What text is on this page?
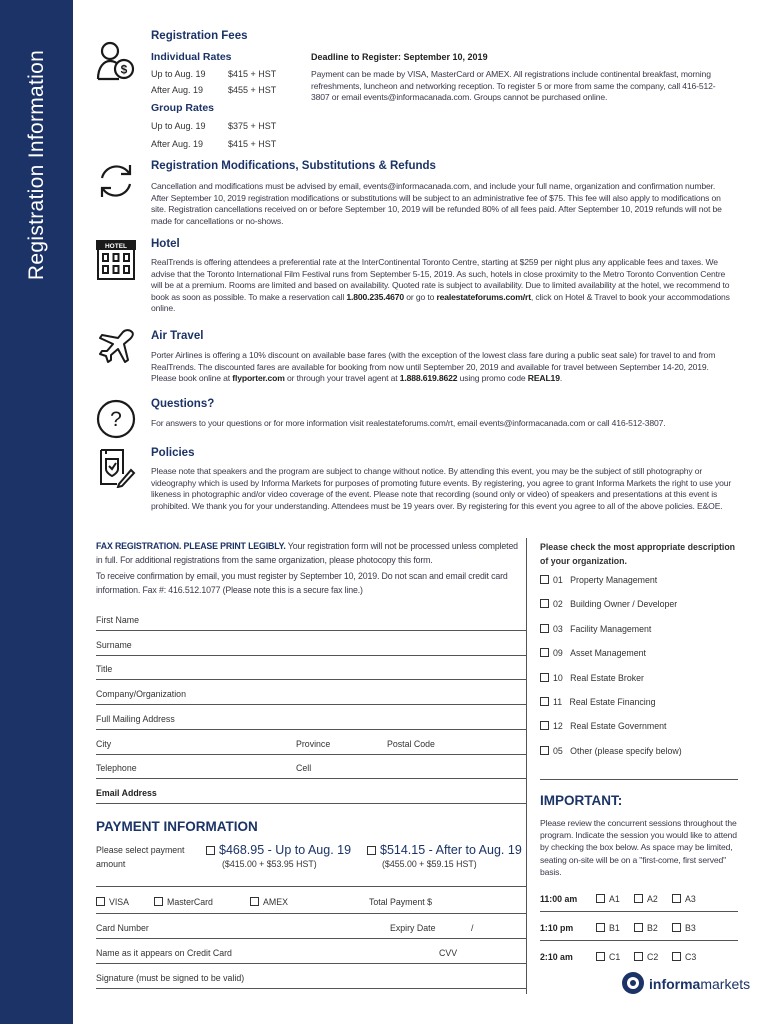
Registration Information	$
Registration Fees
Individual Rates
Up to Aug. 19 $415 + HST
After Aug. 19	$455 + HST
Group Rates
Up to Aug. 19 $375 + HST
After Aug. 19	$415 + HST
Deadline to Register: September 10, 2019
Payment can be made by VISA, MasterCard or AMEX. All registrations include continental breakfast, morning refreshments, luncheon and networking reception. To register 5 or more from same the company, call 416-512-3807 or email events@informacanada.com. Groups cannot be purchased online.
Registration Modifications, Substitutions & Refunds
Cancellation and modifications must be advised by email, events@informacanada.com, and include your full name, organization and confirmation number. After September 10, 2019 registration modifications or substitutions will be subject to an administrative fee of $75. This fee will also apply to modifications on site. Registration cancellations received on or before September 10, 2019 will be refunded 80% of all fees paid. After September 10, 2019 refunds will not be made for cancellations or no-shows.
HOTEL Hotel
RealTrends is offering attendees a preferential rate at the InterContinental Toronto Centre, starting at $259 per night plus any applicable fees and taxes. We advise that the Toronto International Film Festival runs from September 5-15, 2019. As such, hotels in close proximity to the Metro Toronto Convention Centre will be at a premium. Rooms are limited and based on availability. Quoted rate is subject to availability. Due to limited availability at the hotel, we recommend to book as soon as possible. To make a reservation call 1.800.235.4670 or go to realestateforums.com/rt, click on Hotel & Travel to book your accommodations online.
Air Travel
Porter Airlines is offering a 10% discount on available base fares (with the exception of the lowest class fare during a public seat sale) for travel to and from RealTrends. The discounted fares are available for booking from now until September 20, 2019 and available for travel between September 14-20, 2019. Please book online at flyporter.com or through your travel agent at 1.888.619.8622 using promo code REAL19.
?
Questions?
For answers to your questions or for more information visit realestateforums.com/rt, email events@informacanada.com or call 416-512-3807.
Policies
Please note that speakers and the program are subject to change without notice. By attending this event, you may be the subject of still photography or videography which is used by Informa Markets for purposes of promoting future events. By registering, you agree to grant Informa Markets the right to use your likeness in photographic and/or video coverage of the event. Please note that recording (sound only or video) of speakers and presentations at this event is prohibited. We thank you for your understanding. Attendees must be 19 years over. By registering for this event you agree to all of the above policies. E&OE.
FAX REGISTRATION. PLEASE PRINT LEGIBLY. Your registration form will not be processed unless completed in full. For additional registrations from the same organization, please photocopy this form.
To receive confirmation by email, you must register by September 10, 2019. Do not scan and email credit card information. Fax #: 416.512.1077 (Please note this is a secure fax line.)
First Name
Surname
Title
Company/Organization
Full Mailing Address
City	Province	Postal Code
Telephone	Cell
Email Address
PAYMENT INFORMATION
Please select payment amount
$468.95 - Up to Aug. 19
($415.00 + $53.95 HST)
$514.15 - After to Aug. 19
($455.00 + $59.15 HST)
VISA	MasterCard	AMEX	Total Payment $
Card Number	Expiry Date	/
Name as it appears on Credit Card	CVV
Signature (must be signed to be valid)
Please check the most appropriate description of your organization.
01 Property Management
02 Building Owner / Developer
03 Facility Management
09 Asset Management
10 Real Estate Broker
11 Real Estate Financing
12 Real Estate Government
05 Other (please specify below)
IMPORTANT:
Please review the concurrent sessions throughout the program. Indicate the session you would like to attend by checking the box below. As space may be limited, seating on-site will be on a "first-come, first served" basis.
11:00 am	A1	A2	A3
1:10 pm	B1	B2	B3
2:10 am	C1	C2	C3
informamarkets
